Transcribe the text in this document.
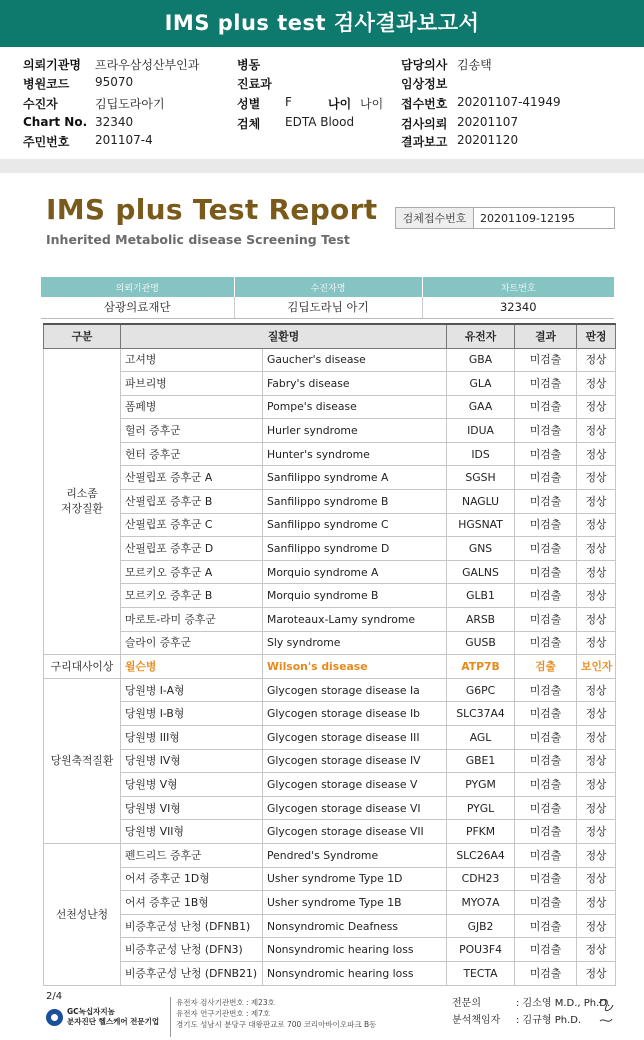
IMS plus test 검사결과보고서
의뢰기관명 프라우삼성산부인과
병원코드 95070
수진자	김딥도라아기
Chart No. 32340
주민번호 201107-4
병동
진료과
성별 F	나이 나이
검체 EDTA Blood
담당의사 김송택
임상정보
접수번호 20201107-41949
검사의뢰 20201107
결과보고 20201120
IMS plus Test Report
Inherited Metabolic disease Screening Test
검체접수번호	20201109-12195
의뢰기관명	수진자명	차트번호
삼광의료재단	김딥도라님 아기	32340
구분	질환명		유전자	결과	판정
리소좀
저장질환	고셔병	Gaucher's disease	GBA	미검출	정상
	파브리병	Fabry's disease	GLA	미검출	정상
	폼페병	Pompe's disease	GAA	미검출	정상
	헐러 증후군	Hurler syndrome	IDUA	미검출	정상
	헌터 증후군	Hunter's syndrome	IDS	미검출	정상
	산필립포 증후군 A	Sanfilippo syndrome A	SGSH	미검출	정상
	산필립포 증후군 B	Sanfilippo syndrome B	NAGLU	미검출	정상
	산필립포 증후군 C	Sanfilippo syndrome C	HGSNAT	미검출	정상
	산필립포 증후군 D	Sanfilippo syndrome D	GNS	미검출	정상
	모르키오 증후군 A	Morquio syndrome A	GALNS	미검출	정상
	모르키오 증후군 B	Morquio syndrome B	GLB1	미검출	정상
	마로토-라미 증후군	Maroteaux-Lamy syndrome	ARSB	미검출	정상
	슬라이 증후군	Sly syndrome	GUSB	미검출	정상
구리대사이상	윌슨병	Wilson's disease	ATP7B	검출	보인자
당원축적질환	당원병 I-A형	Glycogen storage disease Ia	G6PC	미검출	정상
	당원병 I-B형	Glycogen storage disease Ib	SLC37A4	미검출	정상
	당원병 III형	Glycogen storage disease III	AGL	미검출	정상
	당원병 IV형	Glycogen storage disease IV	GBE1	미검출	정상
	당원병 V형	Glycogen storage disease V	PYGM	미검출	정상
	당원병 VI형	Glycogen storage disease VI	PYGL	미검출	정상
	당원병 VII형	Glycogen storage disease VII	PFKM	미검출	정상
선천성난청	펜드리드 증후군	Pendred's Syndrome	SLC26A4	미검출	정상
	어셔 증후군 1D형	Usher syndrome Type 1D	CDH23	미검출	정상
	어셔 증후군 1B형	Usher syndrome Type 1B	MYO7A	미검출	정상
	비증후군성 난청 (DFNB1)	Nonsyndromic Deafness	GJB2	미검출	정상
	비증후군성 난청 (DFN3)	Nonsyndromic hearing loss	POU3F4	미검출	정상
	비증후군성 난청 (DFNB21)	Nonsyndromic hearing loss	TECTA	미검출	정상
2/4
GC녹십자지놈
분자진단 헬스케어 전문기업
유전자 검사기관번호 : 제23호
유전자 연구기관번호 : 제7호
경기도 성남시 분당구 대왕판교로 700 코리아바이오파크 B동
전문의	: 김소영 M.D., Ph.D.
분석책임자 : 김규형 Ph.D.
